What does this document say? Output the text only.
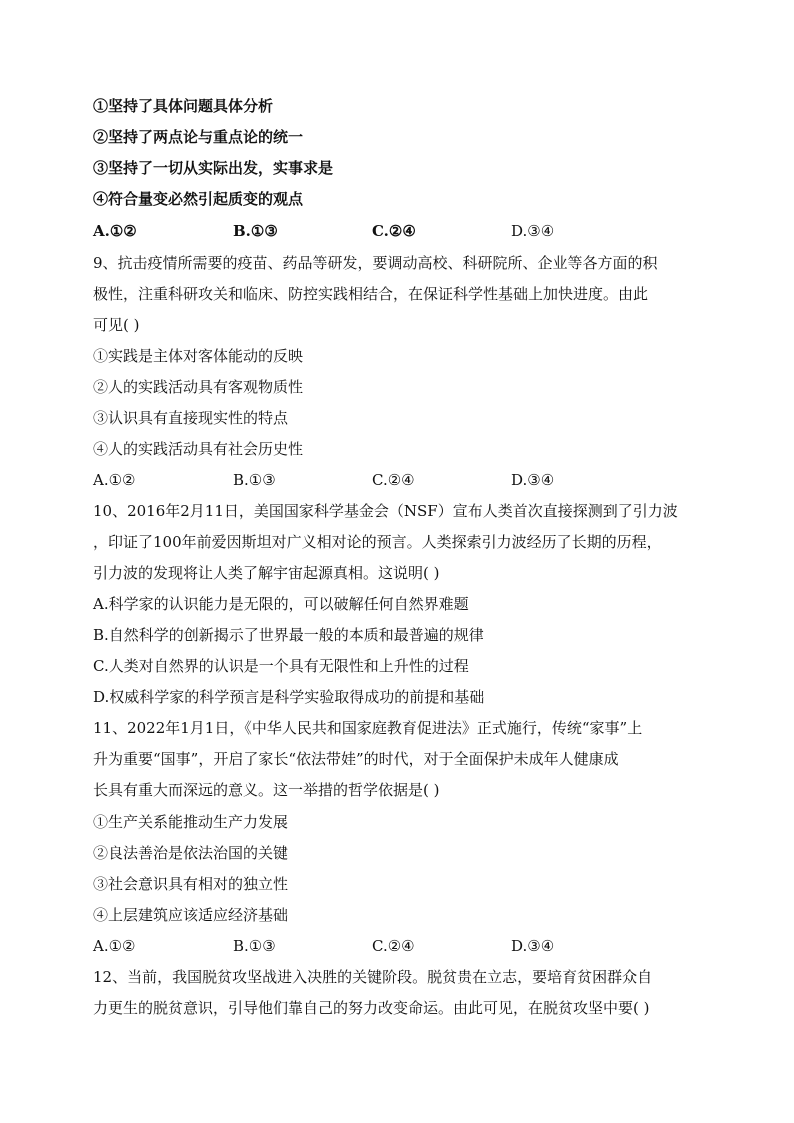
①坚持了具体问题具体分析
②坚持了两点论与重点论的统一
③坚持了一切从实际出发，实事求是
④符合量变必然引起质变的观点
A.①②	B.①③	C.②④	D.③④
9、抗击疫情所需要的疫苗、药品等研发，要调动高校、科研院所、企业等各方面的积
极性，注重科研攻关和临床、防控实践相结合，在保证科学性基础上加快进度。由此
可见( )
①实践是主体对客体能动的反映
②人的实践活动具有客观物质性
③认识具有直接现实性的特点
④人的实践活动具有社会历史性
A.①②	B.①③	C.②④	D.③④
10、2016年2月11日，美国国家科学基金会（NSF）宣布人类首次直接探测到了引力波
，印证了100年前爱因斯坦对广义相对论的预言。人类探索引力波经历了长期的历程，
引力波的发现将让人类了解宇宙起源真相。这说明( )
A.科学家的认识能力是无限的，可以破解任何自然界难题
B.自然科学的创新揭示了世界最一般的本质和最普遍的规律
C.人类对自然界的认识是一个具有无限性和上升性的过程
D.权威科学家的科学预言是科学实验取得成功的前提和基础
11、2022年1月1日，《中华人民共和国家庭教育促进法》正式施行，传统“家事”上
升为重要“国事”，开启了家长“依法带娃”的时代，对于全面保护未成年人健康成
长具有重大而深远的意义。这一举措的哲学依据是( )
①生产关系能推动生产力发展
②良法善治是依法治国的关键
③社会意识具有相对的独立性
④上层建筑应该适应经济基础
A.①②	B.①③	C.②④	D.③④
12、当前，我国脱贫攻坚战进入决胜的关键阶段。脱贫贵在立志，要培育贫困群众自
力更生的脱贫意识，引导他们靠自己的努力改变命运。由此可见，在脱贫攻坚中要( )
